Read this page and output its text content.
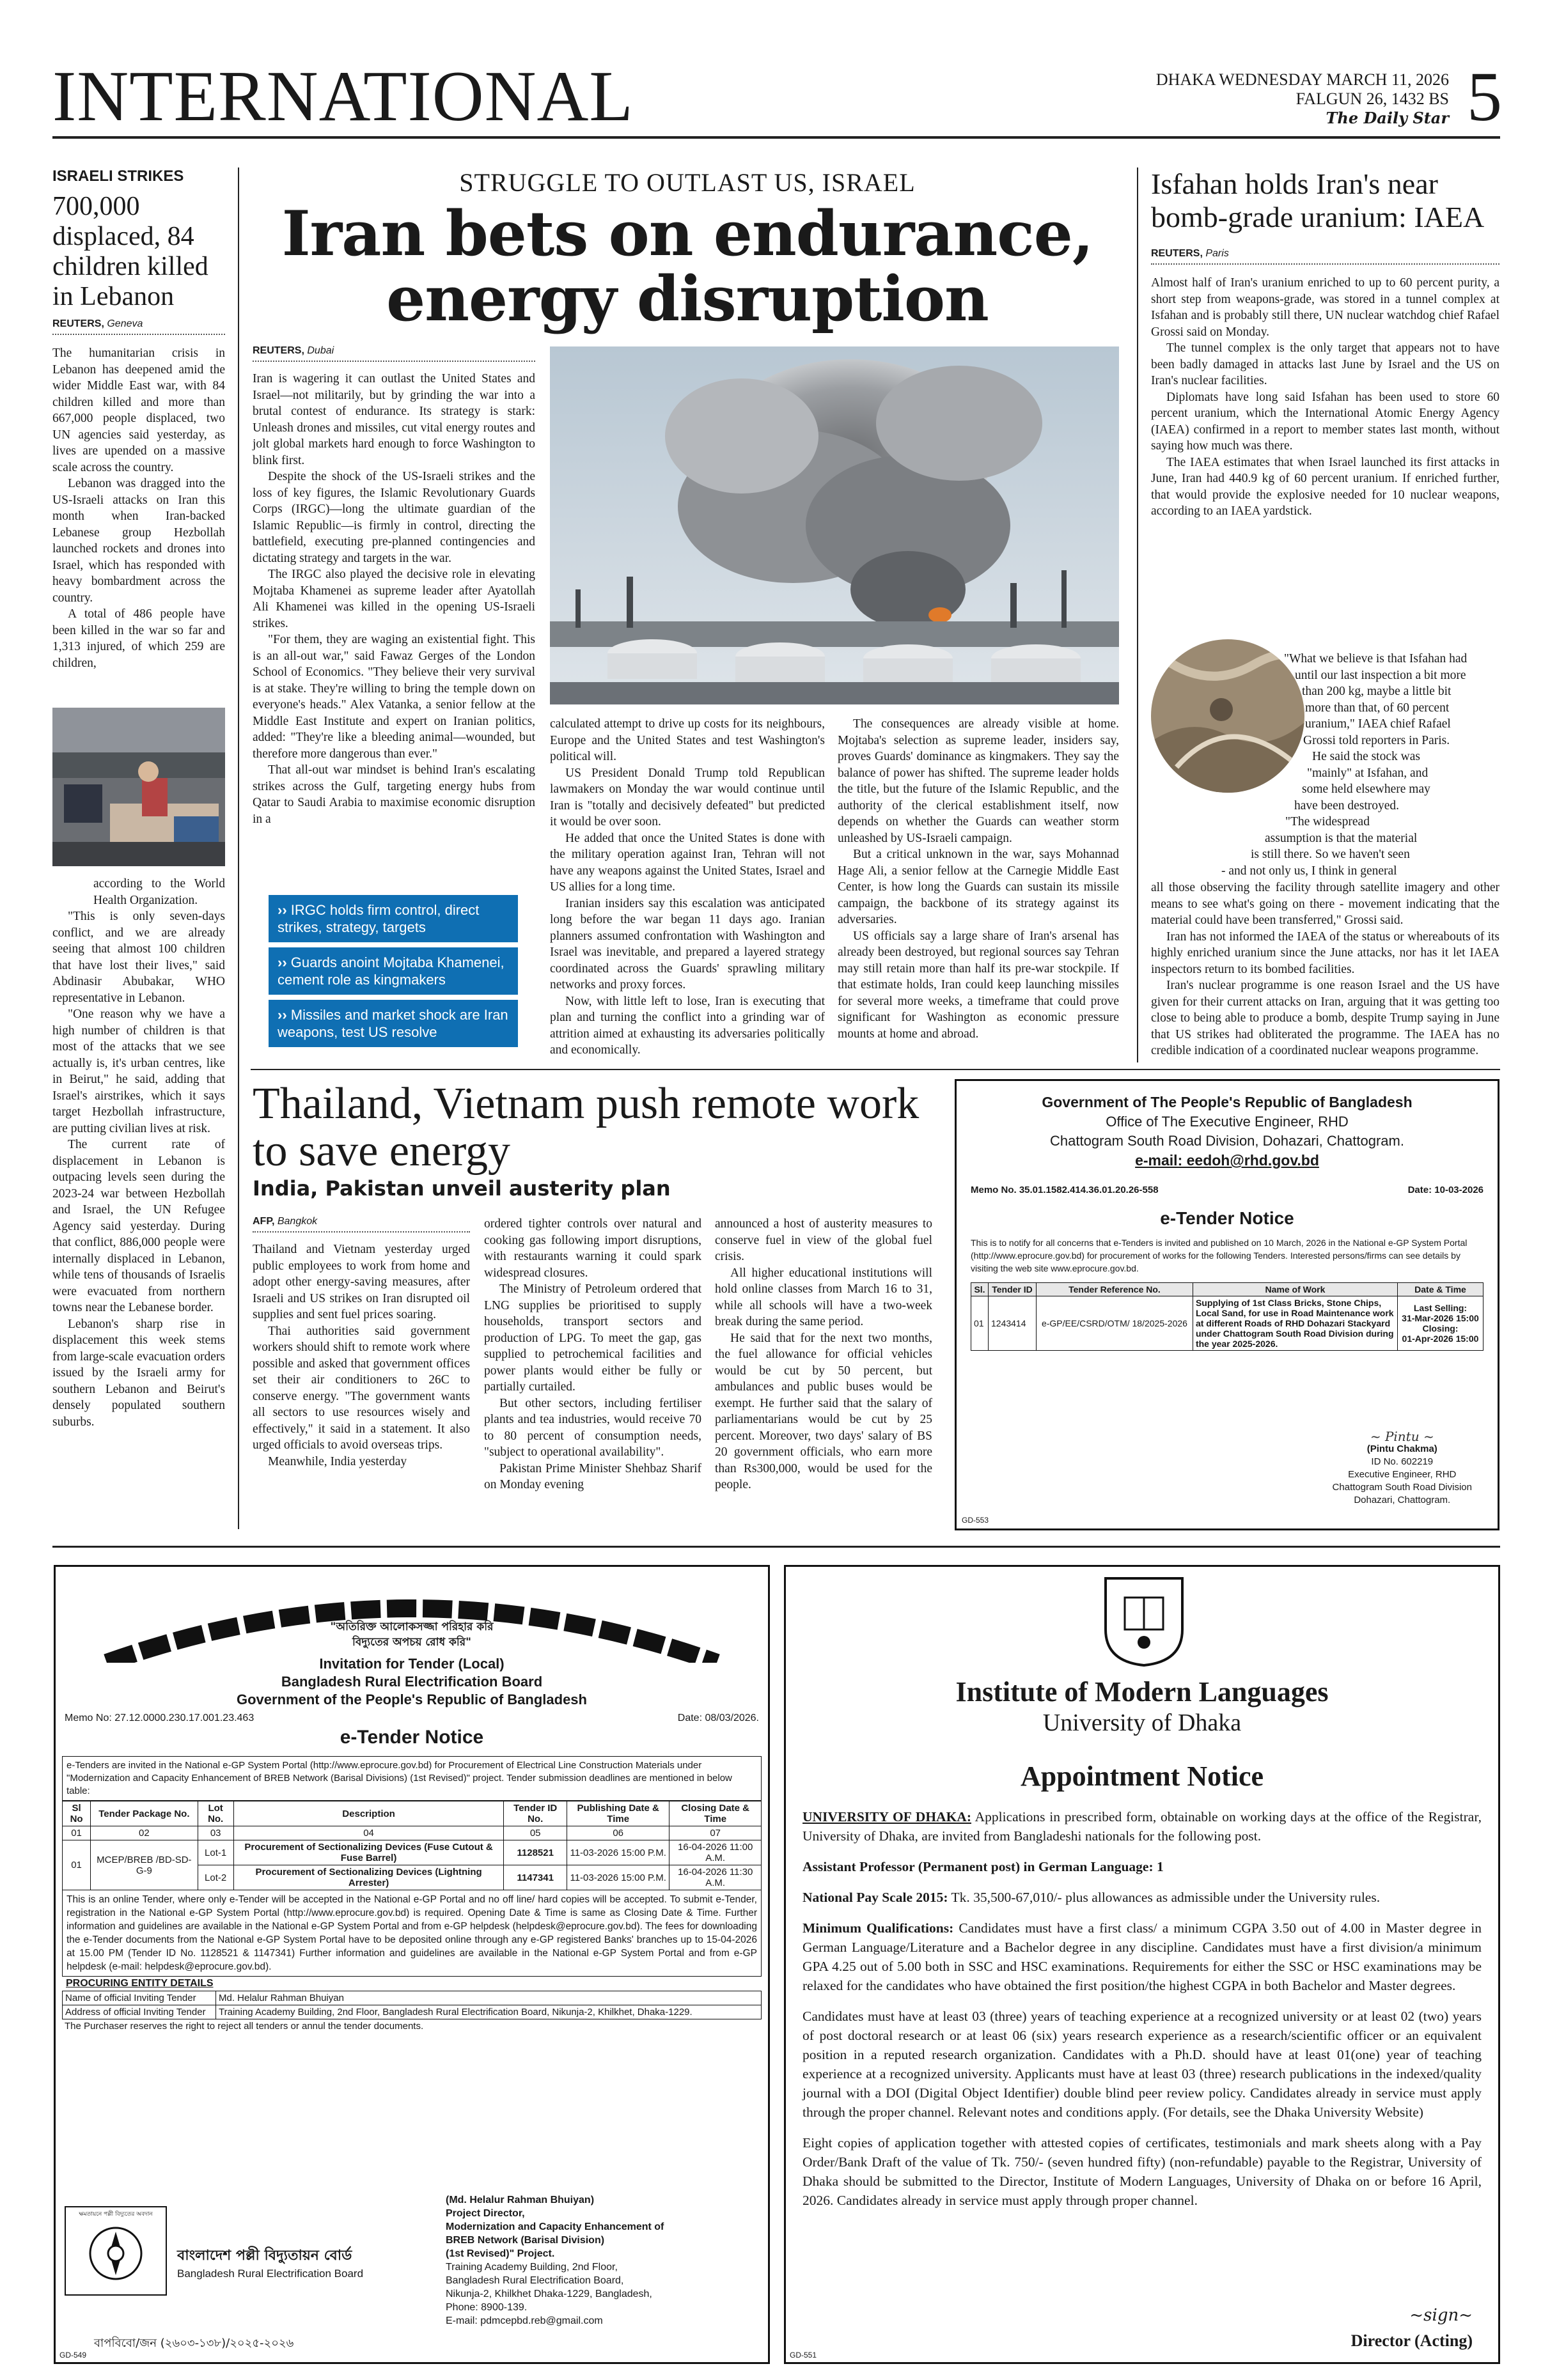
INTERNATIONAL	DHAKA WEDNESDAY MARCH 11, 2026
FALGUN 26, 1432 BS
The Daily Star 5
ISRAELI STRIKES
700,000 displaced, 84 children killed in Lebanon
REUTERS, Geneva

The humanitarian crisis in Lebanon has deepened amid the wider Middle East war, with 84 children killed and more than 667,000 people displaced, two UN agencies said yesterday, as lives are upended on a massive scale across the country.

Lebanon was dragged into the US-Israeli attacks on Iran this month when Iran-backed Lebanese group Hezbollah launched rockets and drones into Israel, which has responded with heavy bombardment across the country.

A total of 486 people have been killed in the war so far and 1,313 injured, of which 259 are children,

according to the World Health Organization.

"This is only seven-days conflict, and we are already seeing that almost 100 children that have lost their lives," said Abdinasir Abubakar, WHO representative in Lebanon.

"One reason why we have a high number of children is that most of the attacks that we see actually is, it's urban centres, like in Beirut," he said, adding that Israel's airstrikes, which it says target Hezbollah infrastructure, are putting civilian lives at risk.

The current rate of displacement in Lebanon is outpacing levels seen during the 2023-24 war between Hezbollah and Israel, the UN Refugee Agency said yesterday. During that conflict, 886,000 people were internally displaced in Lebanon, while tens of thousands of Israelis were evacuated from northern towns near the Lebanese border.

Lebanon's sharp rise in displacement this week stems from large-scale evacuation orders issued by the Israeli army for southern Lebanon and Beirut's densely populated southern suburbs.

STRUGGLE TO OUTLAST US, ISRAEL
Iran bets on endurance, energy disruption
REUTERS, Dubai

Iran is wagering it can outlast the United States and Israel—not militarily, but by grinding the war into a brutal contest of endurance. Its strategy is stark: Unleash drones and missiles, cut vital energy routes and jolt global markets hard enough to force Washington to blink first.

Despite the shock of the US-Israeli strikes and the loss of key figures, the Islamic Revolutionary Guards Corps (IRGC)—long the ultimate guardian of the Islamic Republic—is firmly in control, directing the battlefield, executing pre-planned contingencies and dictating strategy and targets in the war.

The IRGC also played the decisive role in elevating Mojtaba Khamenei as supreme leader after Ayatollah Ali Khamenei was killed in the opening US-Israeli strikes.

"For them, they are waging an existential fight. This is an all-out war," said Fawaz Gerges of the London School of Economics. "They believe their very survival is at stake. They're willing to bring the temple down on everyone's heads." Alex Vatanka, a senior fellow at the Middle East Institute and expert on Iranian politics, added: "They're like a bleeding animal—wounded, but therefore more dangerous than ever."

That all-out war mindset is behind Iran's escalating strikes across the Gulf, targeting energy hubs from Qatar to Saudi Arabia to maximise economic disruption in a

›› IRGC holds firm control, direct strikes, strategy, targets
›› Guards anoint Mojtaba Khamenei, cement role as kingmakers
›› Missiles and market shock are Iran weapons, test US resolve

calculated attempt to drive up costs for its neighbours, Europe and the United States and test Washington's political will.

US President Donald Trump told Republican lawmakers on Monday the war would continue until Iran is "totally and decisively defeated" but predicted it would be over soon.

He added that once the United States is done with the military operation against Iran, Tehran will not have any weapons against the United States, Israel and US allies for a long time.

Iranian insiders say this escalation was anticipated long before the war began 11 days ago. Iranian planners assumed confrontation with Washington and Israel was inevitable, and prepared a layered strategy coordinated across the Guards' sprawling military networks and proxy forces.

Now, with little left to lose, Iran is executing that plan and turning the conflict into a grinding war of attrition aimed at exhausting its adversaries politically and economically.

The consequences are already visible at home. Mojtaba's selection as supreme leader, insiders say, proves Guards' dominance as kingmakers. They say the balance of power has shifted. The supreme leader holds the title, but the future of the Islamic Republic, and the authority of the clerical establishment itself, now depends on whether the Guards can weather storm unleashed by US-Israeli campaign.

But a critical unknown in the war, says Mohannad Hage Ali, a senior fellow at the Carnegie Middle East Center, is how long the Guards can sustain its missile campaign, the backbone of its strategy against its adversaries.

US officials say a large share of Iran's arsenal has already been destroyed, but regional sources say Tehran may still retain more than half its pre-war stockpile. If that estimate holds, Iran could keep launching missiles for several more weeks, a timeframe that could prove significant for Washington as economic pressure mounts at home and abroad.

Isfahan holds Iran's near bomb-grade uranium: IAEA
REUTERS, Paris

Almost half of Iran's uranium enriched to up to 60 percent purity, a short step from weapons-grade, was stored in a tunnel complex at Isfahan and is probably still there, UN nuclear watchdog chief Rafael Grossi said on Monday.

The tunnel complex is the only target that appears not to have been badly damaged in attacks last June by Israel and the US on Iran's nuclear facilities.

Diplomats have long said Isfahan has been used to store 60 percent uranium, which the International Atomic Energy Agency (IAEA) confirmed in a report to member states last month, without saying how much was there.

The IAEA estimates that when Israel launched its first attacks in June, Iran had 440.9 kg of 60 percent uranium. If enriched further, that would provide the explosive needed for 10 nuclear weapons, according to an IAEA yardstick.

"What we believe is that Isfahan had
until our last inspection a bit more
than 200 kg, maybe a little bit
more than that, of 60 percent
uranium," IAEA chief Rafael
Grossi told reporters in Paris.
He said the stock was
"mainly" at Isfahan, and
some held elsewhere may
have been destroyed.
"The widespread
assumption is that the material
is still there. So we haven't seen
- and not only us, I think in general

all those observing the facility through satellite imagery and other means to see what's going on there - movement indicating that the material could have been transferred," Grossi said.

Iran has not informed the IAEA of the status or whereabouts of its highly enriched uranium since the June attacks, nor has it let IAEA inspectors return to its bombed facilities.

Iran's nuclear programme is one reason Israel and the US have given for their current attacks on Iran, arguing that it was getting too close to being able to produce a bomb, despite Trump saying in June that US strikes had obliterated the programme. The IAEA has no credible indication of a coordinated nuclear weapons programme.

Thailand, Vietnam push remote work to save energy
India, Pakistan unveil austerity plan
AFP, Bangkok

Thailand and Vietnam yesterday urged public employees to work from home and adopt other energy-saving measures, after Israeli and US strikes on Iran disrupted oil supplies and sent fuel prices soaring.

Thai authorities said government workers should shift to remote work where possible and asked that government offices set their air conditioners to 26C to conserve energy. "The government wants all sectors to use resources wisely and effectively," it said in a statement. It also urged officials to avoid overseas trips.

Meanwhile, India yesterday

ordered tighter controls over natural and cooking gas following import disruptions, with restaurants warning it could spark widespread closures.

The Ministry of Petroleum ordered that LNG supplies be prioritised to supply households, transport sectors and production of LPG. To meet the gap, gas supplied to petrochemical facilities and power plants would either be fully or partially curtailed.

But other sectors, including fertiliser plants and tea industries, would receive 70 to 80 percent of consumption needs, "subject to operational availability".

Pakistan Prime Minister Shehbaz Sharif on Monday evening

announced a host of austerity measures to conserve fuel in view of the global fuel crisis.

All higher educational institutions will hold online classes from March 16 to 31, while all schools will have a two-week break during the same period.

He said that for the next two months, the fuel allowance for official vehicles would be cut by 50 percent, but ambulances and public buses would be exempt. He further said that the salary of parliamentarians would be cut by 25 percent. Moreover, two days' salary of BS 20 government officials, who earn more than Rs300,000, would be used for the people.

Government of The People's Republic of Bangladesh
Office of The Executive Engineer, RHD
Chattogram South Road Division, Dohazari, Chattogram.
e-mail: eedoh@rhd.gov.bd
Memo No. 35.01.1582.414.36.01.20.26-558	Date: 10-03-2026
e-Tender Notice
This is to notify for all concerns that e-Tenders is invited and published on 10 March, 2026 in the National e-GP System Portal (http://www.eprocure.gov.bd) for procurement of works for the following Tenders. Interested persons/firms can see details by visiting the web site www.eprocure.gov.bd.
Sl.	Tender ID	Tender Reference No.	Name of Work	Date & Time
01	1243414	e-GP/EE/CSRD/OTM/ 18/2025-2026	Supplying of 1st Class Bricks, Stone Chips, Local Sand, for use in Road Maintenance work at different Roads of RHD Dohazari Stackyard under Chattogram South Road Division during the year 2025-2026.	Last Selling:
31-Mar-2026 15:00
Closing:
01-Apr-2026 15:00
~ Pintu ~
(Pintu Chakma)
ID No. 602219
Executive Engineer, RHD
Chattogram South Road Division
Dohazari, Chattogram.
GD-553
"অতিরিক্ত আলোকসজ্জা পরিহার করি
বিদ্যুতের অপচয় রোধ করি"
Invitation for Tender (Local)
Bangladesh Rural Electrification Board
Government of the People's Republic of Bangladesh
Memo No: 27.12.0000.230.17.001.23.463	Date: 08/03/2026.
e-Tender Notice
e-Tenders are invited in the National e-GP System Portal (http://www.eprocure.gov.bd) for Procurement of Electrical Line Construction Materials under "Modernization and Capacity Enhancement of BREB Network (Barisal Divisions) (1st Revised)" project. Tender submission deadlines are mentioned in below table:
Sl No	Tender Package No.	Lot No.	Description	Tender ID No.	Publishing Date & Time	Closing Date & Time
01	02	03	04	05	06	07
01	MCEP/BREB /BD-SD-G-9	Lot-1	Procurement of Sectionalizing Devices (Fuse Cutout & Fuse Barrel)	1128521	11-03-2026 15:00 P.M.	16-04-2026 11:00 A.M.
		Lot-2	Procurement of Sectionalizing Devices (Lightning Arrester)	1147341	11-03-2026 15:00 P.M.	16-04-2026 11:30 A.M.
This is an online Tender, where only e-Tender will be accepted in the National e-GP Portal and no off line/ hard copies will be accepted. To submit e-Tender, registration in the National e-GP System Portal (http://www.eprocure.gov.bd) is required. Opening Date & Time is same as Closing Date & Time. Further information and guidelines are available in the National e-GP System Portal and from e-GP helpdesk (helpdesk@eprocure.gov.bd). The fees for downloading the e-Tender documents from the National e-GP System Portal have to be deposited online through any e-GP registered Banks' branches up to 15-04-2026 at 15.00 PM (Tender ID No. 1128521 & 1147341) Further information and guidelines are available in the National e-GP System Portal and from e-GP helpdesk (e-mail: helpdesk@eprocure.gov.bd).
PROCURING ENTITY DETAILS
Name of official Inviting Tender	Md. Helalur Rahman Bhuiyan
Address of official Inviting Tender	Training Academy Building, 2nd Floor, Bangladesh Rural Electrification Board, Nikunja-2, Khilkhet, Dhaka-1229.
The Purchaser reserves the right to reject all tenders or annul the tender documents.
ক্ষমতায়নে পল্লী বিদ্যুতের অবদান
বাংলাদেশ পল্লী বিদ্যুতায়ন বোর্ড
Bangladesh Rural Electrification Board
বাপবিবো/জন (২৬০৩-১৩৮)/২০২৫-২০২৬
(Md. Helalur Rahman Bhuiyan)
Project Director,
Modernization and Capacity Enhancement of
BREB Network (Barisal Division)
(1st Revised)" Project.
Training Academy Building, 2nd Floor,
Bangladesh Rural Electrification Board,
Nikunja-2, Khilkhet Dhaka-1229, Bangladesh,
Phone: 8900-139.
E-mail: pdmcepbd.reb@gmail.com
GD-549
Institute of Modern Languages
University of Dhaka
Appointment Notice

UNIVERSITY OF DHAKA: Applications in prescribed form, obtainable on working days at the office of the Registrar, University of Dhaka, are invited from Bangladeshi nationals for the following post.

Assistant Professor (Permanent post) in German Language: 1

National Pay Scale 2015: Tk. 35,500-67,010/- plus allowances as admissible under the University rules.

Minimum Qualifications: Candidates must have a first class/ a minimum CGPA 3.50 out of 4.00 in Master degree in German Language/Literature and a Bachelor degree in any discipline. Candidates must have a first division/a minimum GPA 4.25 out of 5.00 both in SSC and HSC examinations. Requirements for either the SSC or HSC examinations may be relaxed for the candidates who have obtained the first position/the highest CGPA in both Bachelor and Master degrees.

Candidates must have at least 03 (three) years of teaching experience at a recognized university or at least 02 (two) years of post doctoral research or at least 06 (six) years research experience as a research/scientific officer or an equivalent position in a reputed research organization. Candidates with a Ph.D. should have at least 01(one) year of teaching experience at a recognized university. Applicants must have at least 03 (three) research publications in the indexed/quality journal with a DOI (Digital Object Identifier) double blind peer review policy. Candidates already in service must apply through the proper channel. Relevant notes and conditions apply. (For details, see the Dhaka University Website)

Eight copies of application together with attested copies of certificates, testimonials and mark sheets along with a Pay Order/Bank Draft of the value of Tk. 750/- (seven hundred fifty) (non-refundable) payable to the Registrar, University of Dhaka should be submitted to the Director, Institute of Modern Languages, University of Dhaka on or before 16 April, 2026. Candidates already in service must apply through proper channel.

~sign~
Director (Acting)
GD-551
